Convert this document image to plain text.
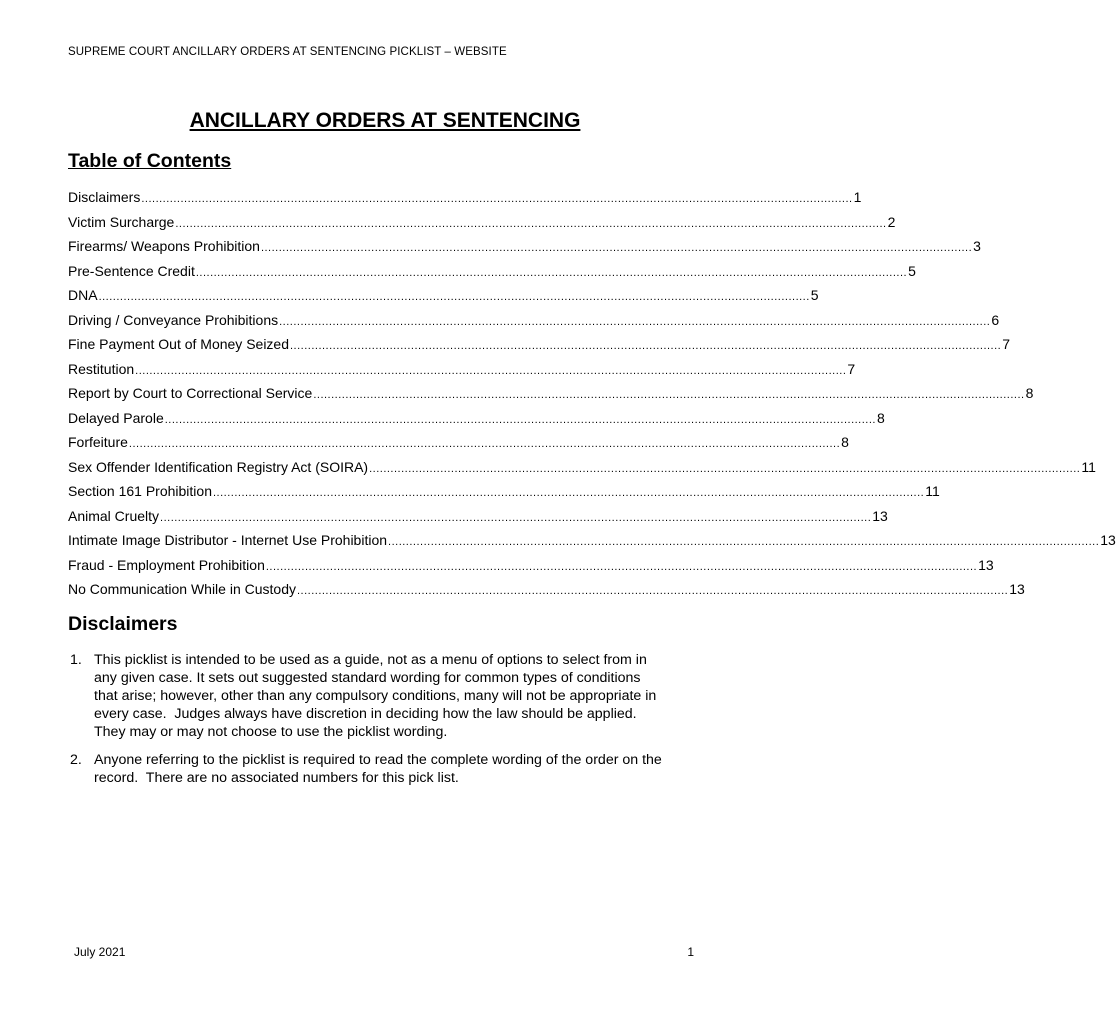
SUPREME COURT ANCILLARY ORDERS AT SENTENCING PICKLIST – WEBSITE
ANCILLARY ORDERS AT SENTENCING
Table of Contents
Disclaimers ........................................................................................................................................................................................................ 1
Victim Surcharge ........................................................................................................................................................................................................ 2
Firearms/ Weapons Prohibition ........................................................................................................................................................................................................ 3
Pre-Sentence Credit ........................................................................................................................................................................................................ 5
DNA ........................................................................................................................................................................................................ 5
Driving / Conveyance Prohibitions ........................................................................................................................................................................................................ 6
Fine Payment Out of Money Seized ........................................................................................................................................................................................................ 7
Restitution ........................................................................................................................................................................................................ 7
Report by Court to Correctional Service ........................................................................................................................................................................................................ 8
Delayed Parole ........................................................................................................................................................................................................ 8
Forfeiture ........................................................................................................................................................................................................ 8
Sex Offender Identification Registry Act (SOIRA) ........................................................................................................................................................................................................ 11
Section 161 Prohibition ........................................................................................................................................................................................................ 11
Animal Cruelty ........................................................................................................................................................................................................ 13
Intimate Image Distributor - Internet Use Prohibition ........................................................................................................................................................................................................ 13
Fraud - Employment Prohibition ........................................................................................................................................................................................................ 13
No Communication While in Custody ........................................................................................................................................................................................................ 13
Disclaimers
1. This picklist is intended to be used as a guide, not as a menu of options to select from in
any given case. It sets out suggested standard wording for common types of conditions
that arise; however, other than any compulsory conditions, many will not be appropriate in
every case.  Judges always have discretion in deciding how the law should be applied.
They may or may not choose to use the picklist wording.
2. Anyone referring to the picklist is required to read the complete wording of the order on the
record.  There are no associated numbers for this pick list.
July 2021	1
